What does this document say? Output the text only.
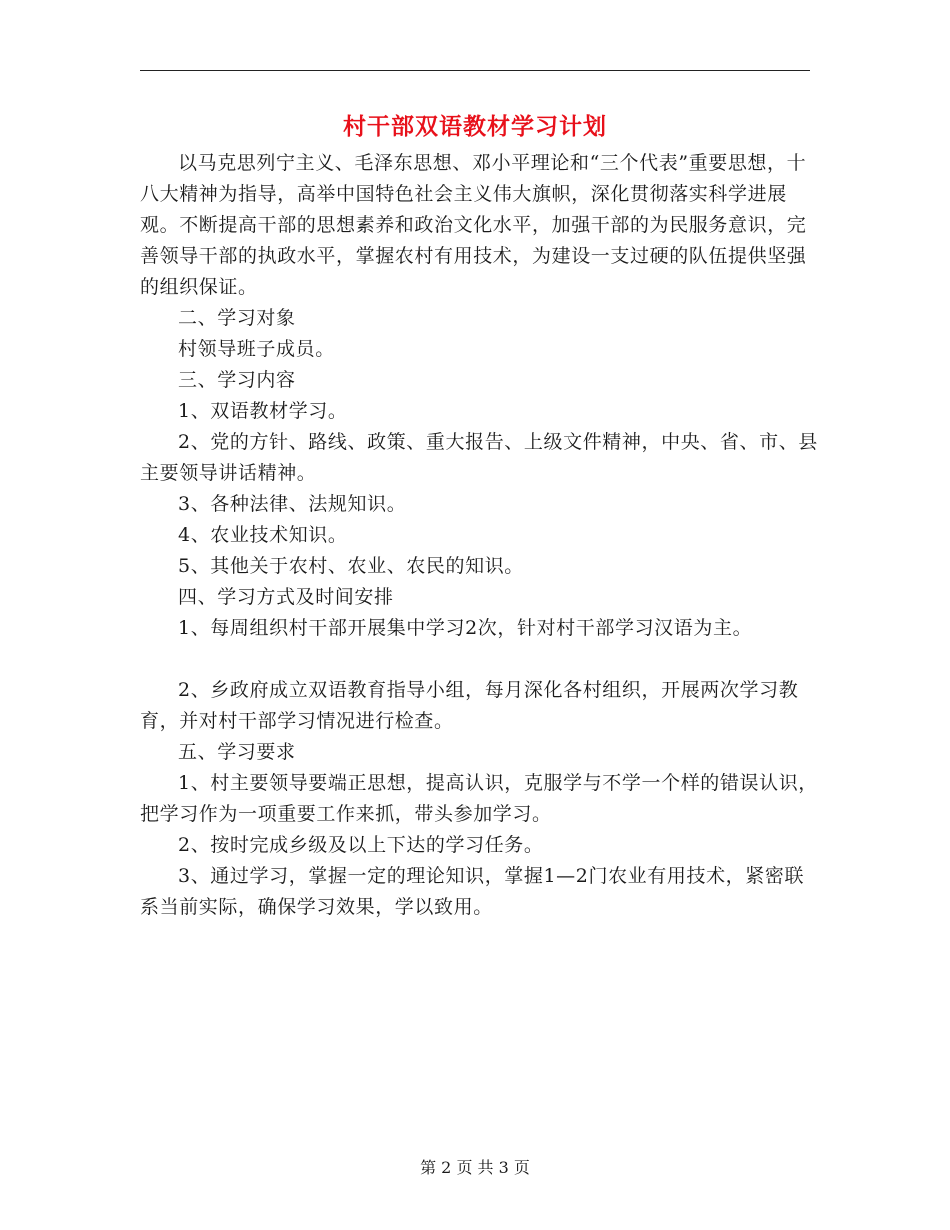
村干部双语教材学习计划

以马克思列宁主义、毛泽东思想、邓小平理论和“三个代表”重要思想，十八大精神为指导，高举中国特色社会主义伟大旗帜，深化贯彻落实科学进展观。不断提高干部的思想素养和政治文化水平，加强干部的为民服务意识，完善领导干部的执政水平，掌握农村有用技术，为建设一支过硬的队伍提供坚强的组织保证。

二、学习对象

村领导班子成员。

三、学习内容

1、双语教材学习。

2、党的方针、路线、政策、重大报告、上级文件精神，中央、省、市、县主要领导讲话精神。

3、各种法律、法规知识。

4、农业技术知识。

5、其他关于农村、农业、农民的知识。

四、学习方式及时间安排

1、每周组织村干部开展集中学习2次，针对村干部学习汉语为主。

2、乡政府成立双语教育指导小组，每月深化各村组织，开展两次学习教育，并对村干部学习情况进行检查。

五、学习要求

1、村主要领导要端正思想，提高认识，克服学与不学一个样的错误认识，把学习作为一项重要工作来抓，带头参加学习。

2、按时完成乡级及以上下达的学习任务。

3、通过学习，掌握一定的理论知识，掌握1—2门农业有用技术，紧密联系当前实际，确保学习效果，学以致用。

第 2 页 共 3 页
